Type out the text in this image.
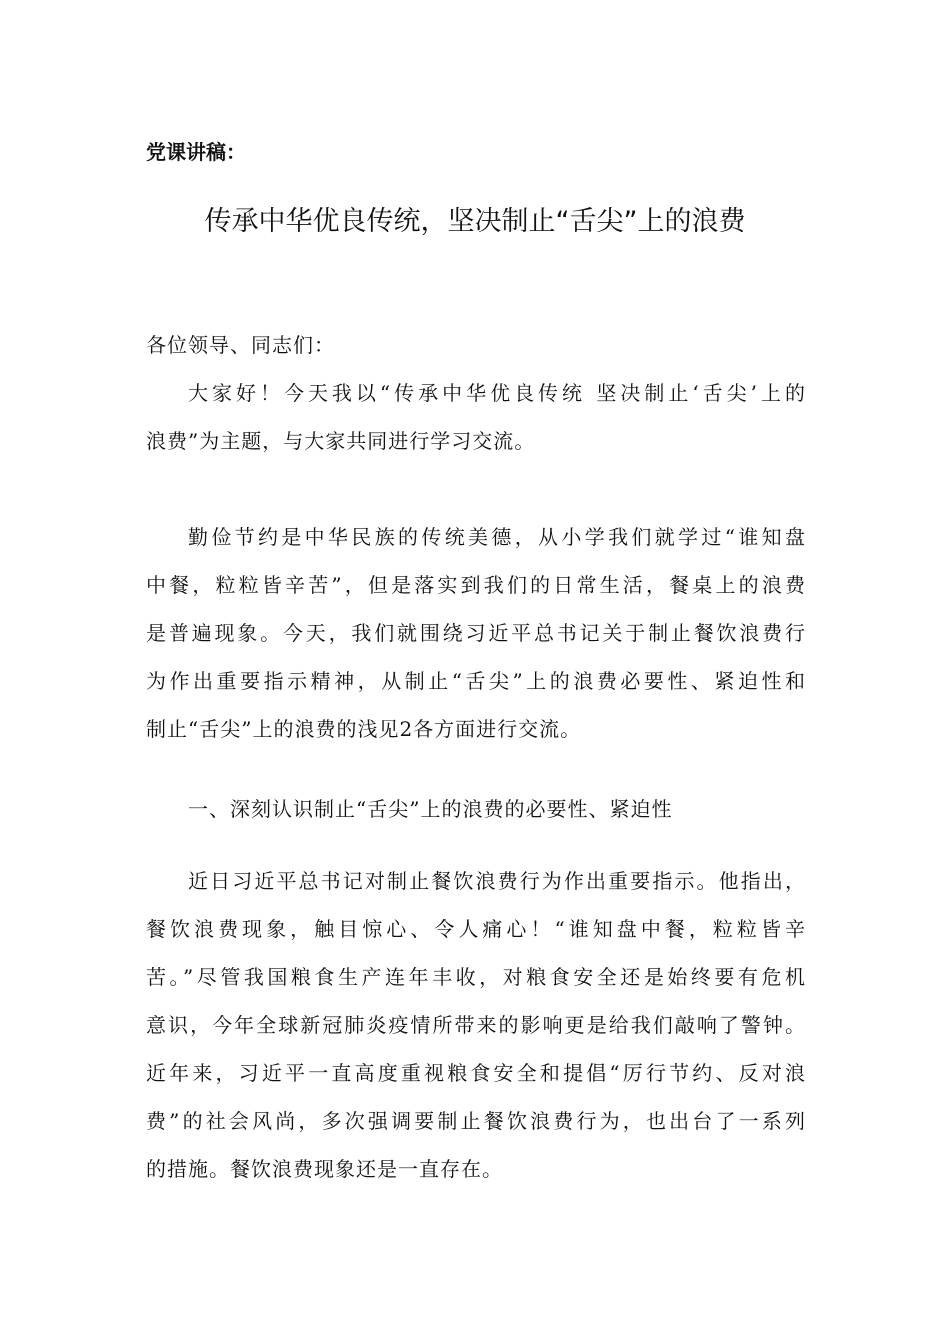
党课讲稿：
传承中华优良传统，坚决制止“舌尖”上的浪费
各位领导、同志们：
大家好！今天我以“传承中华优良传统 坚决制止‘舌尖’上的
浪费”为主题，与大家共同进行学习交流。
勤俭节约是中华民族的传统美德，从小学我们就学过“谁知盘
中餐，粒粒皆辛苦”，但是落实到我们的日常生活，餐桌上的浪费
是普遍现象。今天，我们就围绕习近平总书记关于制止餐饮浪费行
为作出重要指示精神，从制止“舌尖”上的浪费必要性、紧迫性和
制止“舌尖”上的浪费的浅见2各方面进行交流。
一、深刻认识制止“舌尖”上的浪费的必要性、紧迫性
近日习近平总书记对制止餐饮浪费行为作出重要指示。他指出，
餐饮浪费现象，触目惊心、令人痛心！“谁知盘中餐，粒粒皆辛
苦。”尽管我国粮食生产连年丰收，对粮食安全还是始终要有危机
意识，今年全球新冠肺炎疫情所带来的影响更是给我们敲响了警钟。
近年来，习近平一直高度重视粮食安全和提倡“厉行节约、反对浪
费”的社会风尚，多次强调要制止餐饮浪费行为，也出台了一系列
的措施。餐饮浪费现象还是一直存在。
